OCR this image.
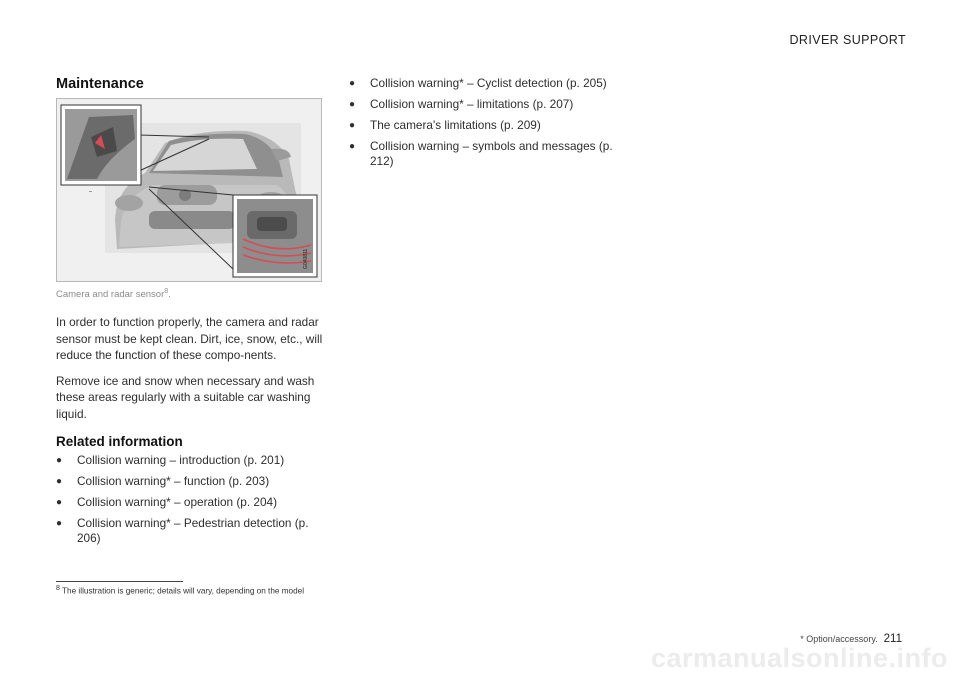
DRIVER SUPPORT
Maintenance
G040811
Camera and radar sensor$^8$.

In order to function properly, the camera and radar sensor must be kept clean. Dirt, ice, snow, etc., will reduce the function of these compo-nents.

Remove ice and snow when necessary and wash these areas regularly with a suitable car washing liquid.

Related information
● Collision warning – introduction (p. 201)
● Collision warning* – function (p. 203)
● Collision warning* – operation (p. 204)
● Collision warning* – Pedestrian detection (p. 206)
● Collision warning* – Cyclist detection (p. 205)
● Collision warning* – limitations (p. 207)
● The camera's limitations (p. 209)
● Collision warning – symbols and messages (p. 212)
$^8$ The illustration is generic; details will vary, depending on the model
* Option/accessory. 211
carmanualsonline.info
